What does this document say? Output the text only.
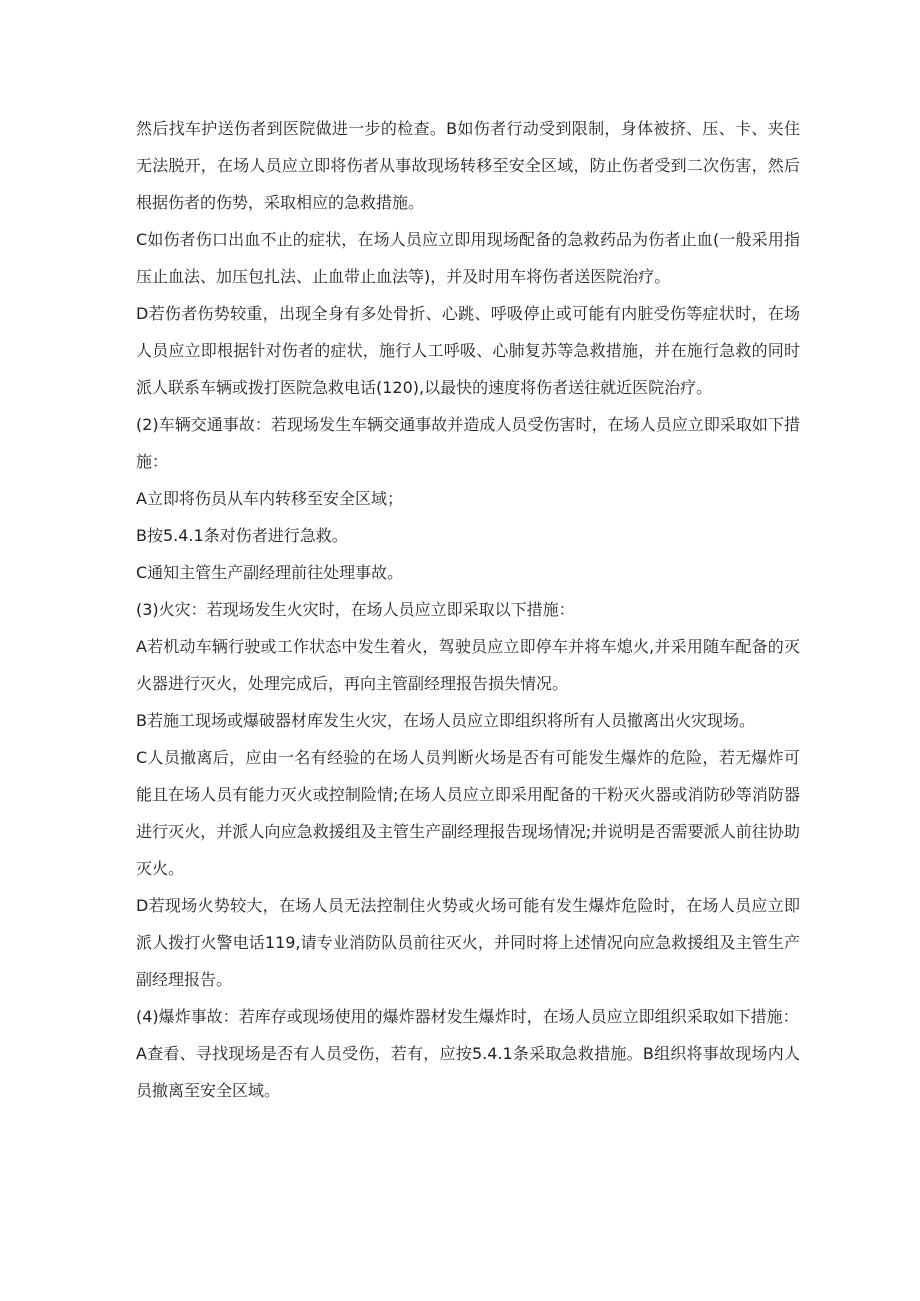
然后找车护送伤者到医院做进一步的检查。B如伤者行动受到限制，身体被挤、压、卡、夹住无法脱开，在场人员应立即将伤者从事故现场转移至安全区域，防止伤者受到二次伤害，然后根据伤者的伤势，采取相应的急救措施。

C如伤者伤口出血不止的症状，在场人员应立即用现场配备的急救药品为伤者止血(一般采用指压止血法、加压包扎法、止血带止血法等)，并及时用车将伤者送医院治疗。

D若伤者伤势较重，出现全身有多处骨折、心跳、呼吸停止或可能有内脏受伤等症状时，在场人员应立即根据针对伤者的症状，施行人工呼吸、心肺复苏等急救措施，并在施行急救的同时派人联系车辆或拨打医院急救电话(120),以最快的速度将伤者送往就近医院治疗。

(2)车辆交通事故：若现场发生车辆交通事故并造成人员受伤害时，在场人员应立即采取如下措施：

A立即将伤员从车内转移至安全区域；

B按5.4.1条对伤者进行急救。

C通知主管生产副经理前往处理事故。

(3)火灾：若现场发生火灾时，在场人员应立即采取以下措施：

A若机动车辆行驶或工作状态中发生着火，驾驶员应立即停车并将车熄火,并采用随车配备的灭火器进行灭火，处理完成后，再向主管副经理报告损失情况。

B若施工现场或爆破器材库发生火灾，在场人员应立即组织将所有人员撤离出火灾现场。

C人员撤离后，应由一名有经验的在场人员判断火场是否有可能发生爆炸的危险，若无爆炸可能且在场人员有能力灭火或控制险情;在场人员应立即采用配备的干粉灭火器或消防砂等消防器进行灭火，并派人向应急救援组及主管生产副经理报告现场情况;并说明是否需要派人前往协助灭火。

D若现场火势较大，在场人员无法控制住火势或火场可能有发生爆炸危险时，在场人员应立即派人拨打火警电话119,请专业消防队员前往灭火，并同时将上述情况向应急救援组及主管生产副经理报告。

(4)爆炸事故：若库存或现场使用的爆炸器材发生爆炸时，在场人员应立即组织采取如下措施：

A查看、寻找现场是否有人员受伤，若有，应按5.4.1条采取急救措施。B组织将事故现场内人员撤离至安全区域。
